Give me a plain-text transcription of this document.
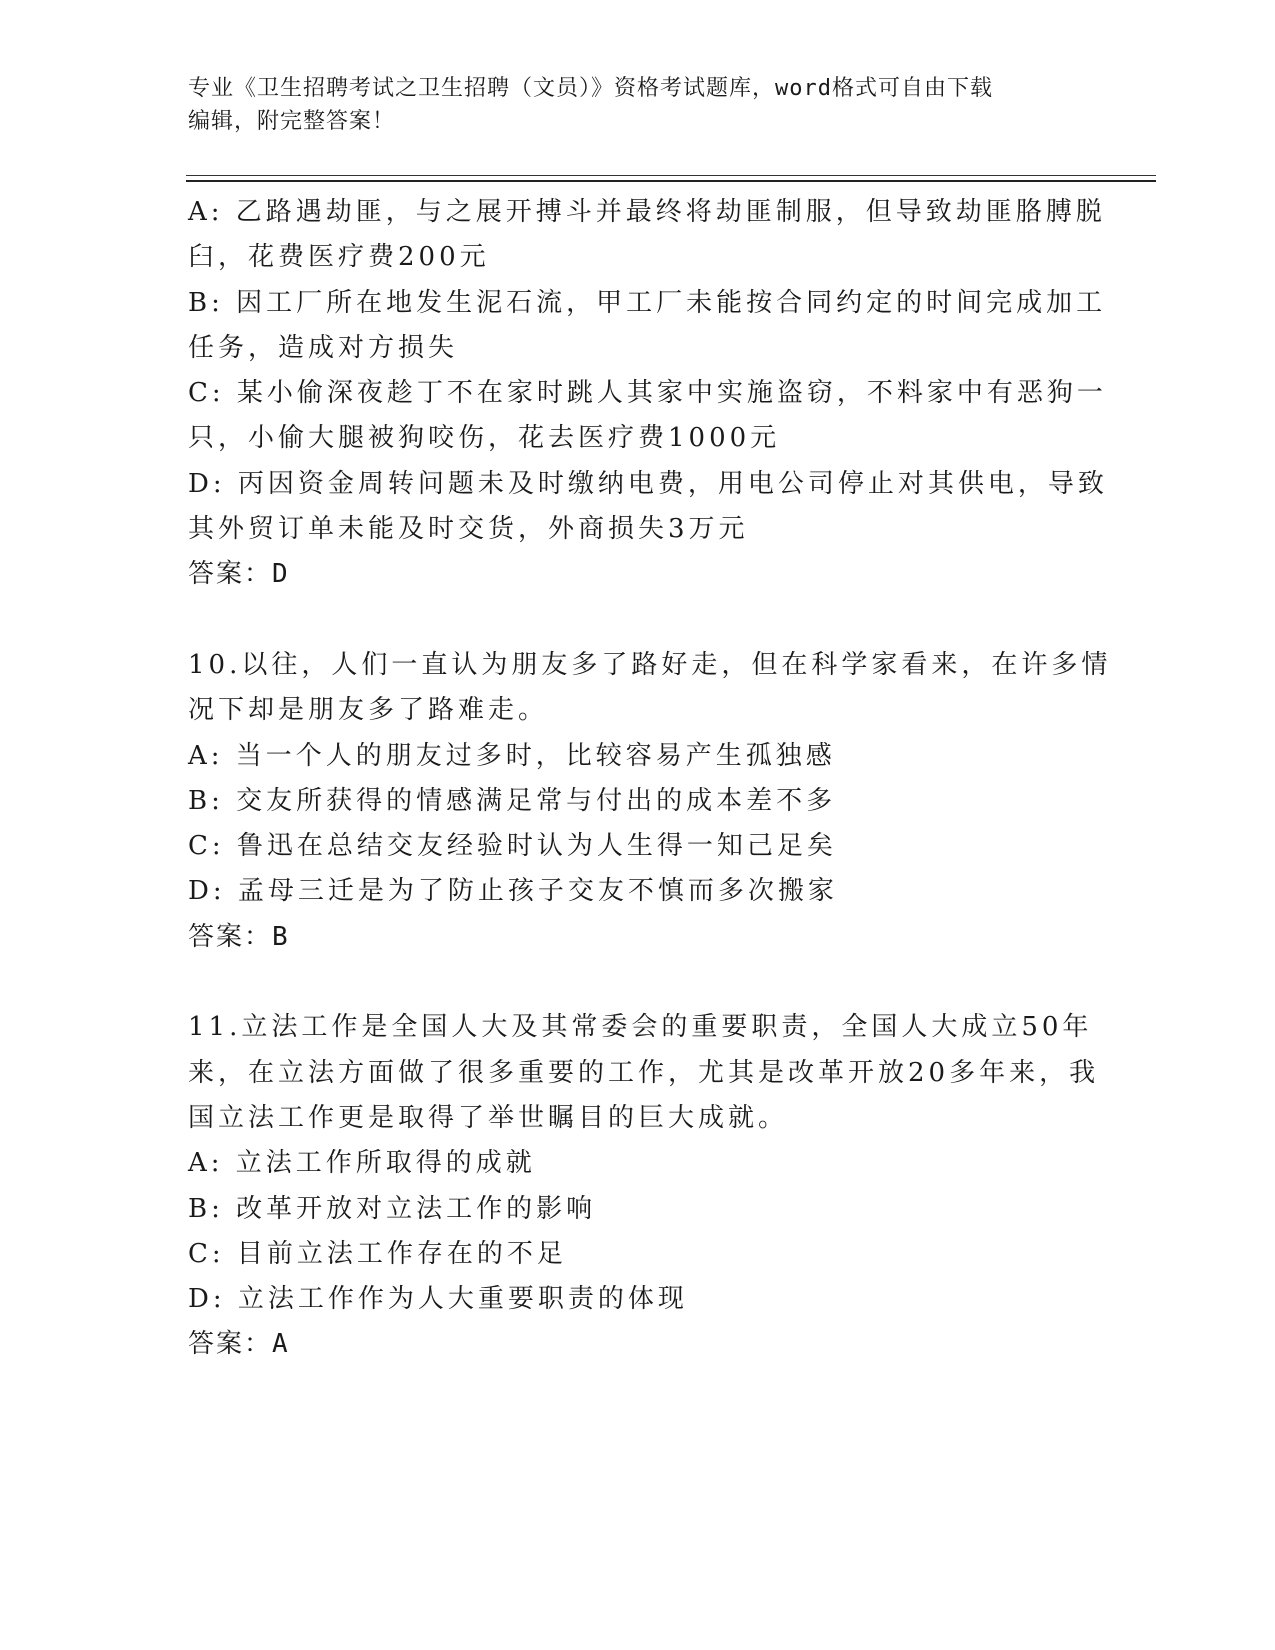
专业《卫生招聘考试之卫生招聘（文员）》资格考试题库，word格式可自由下载
编辑，附完整答案！
A: 乙路遇劫匪，与之展开搏斗并最终将劫匪制服，但导致劫匪胳膊脱
臼，花费医疗费200元
B: 因工厂所在地发生泥石流，甲工厂未能按合同约定的时间完成加工
任务，造成对方损失
C: 某小偷深夜趁丁不在家时跳人其家中实施盗窃，不料家中有恶狗一
只，小偷大腿被狗咬伤，花去医疗费1000元
D: 丙因资金周转问题未及时缴纳电费，用电公司停止对其供电，导致
其外贸订单未能及时交货，外商损失3万元
答案：D
10.以往，人们一直认为朋友多了路好走，但在科学家看来，在许多情
况下却是朋友多了路难走。
A: 当一个人的朋友过多时，比较容易产生孤独感
B: 交友所获得的情感满足常与付出的成本差不多
C: 鲁迅在总结交友经验时认为人生得一知己足矣
D: 孟母三迁是为了防止孩子交友不慎而多次搬家
答案：B
11.立法工作是全国人大及其常委会的重要职责，全国人大成立50年
来，在立法方面做了很多重要的工作，尤其是改革开放20多年来，我
国立法工作更是取得了举世瞩目的巨大成就。
A: 立法工作所取得的成就
B: 改革开放对立法工作的影响
C: 目前立法工作存在的不足
D: 立法工作作为人大重要职责的体现
答案：A
